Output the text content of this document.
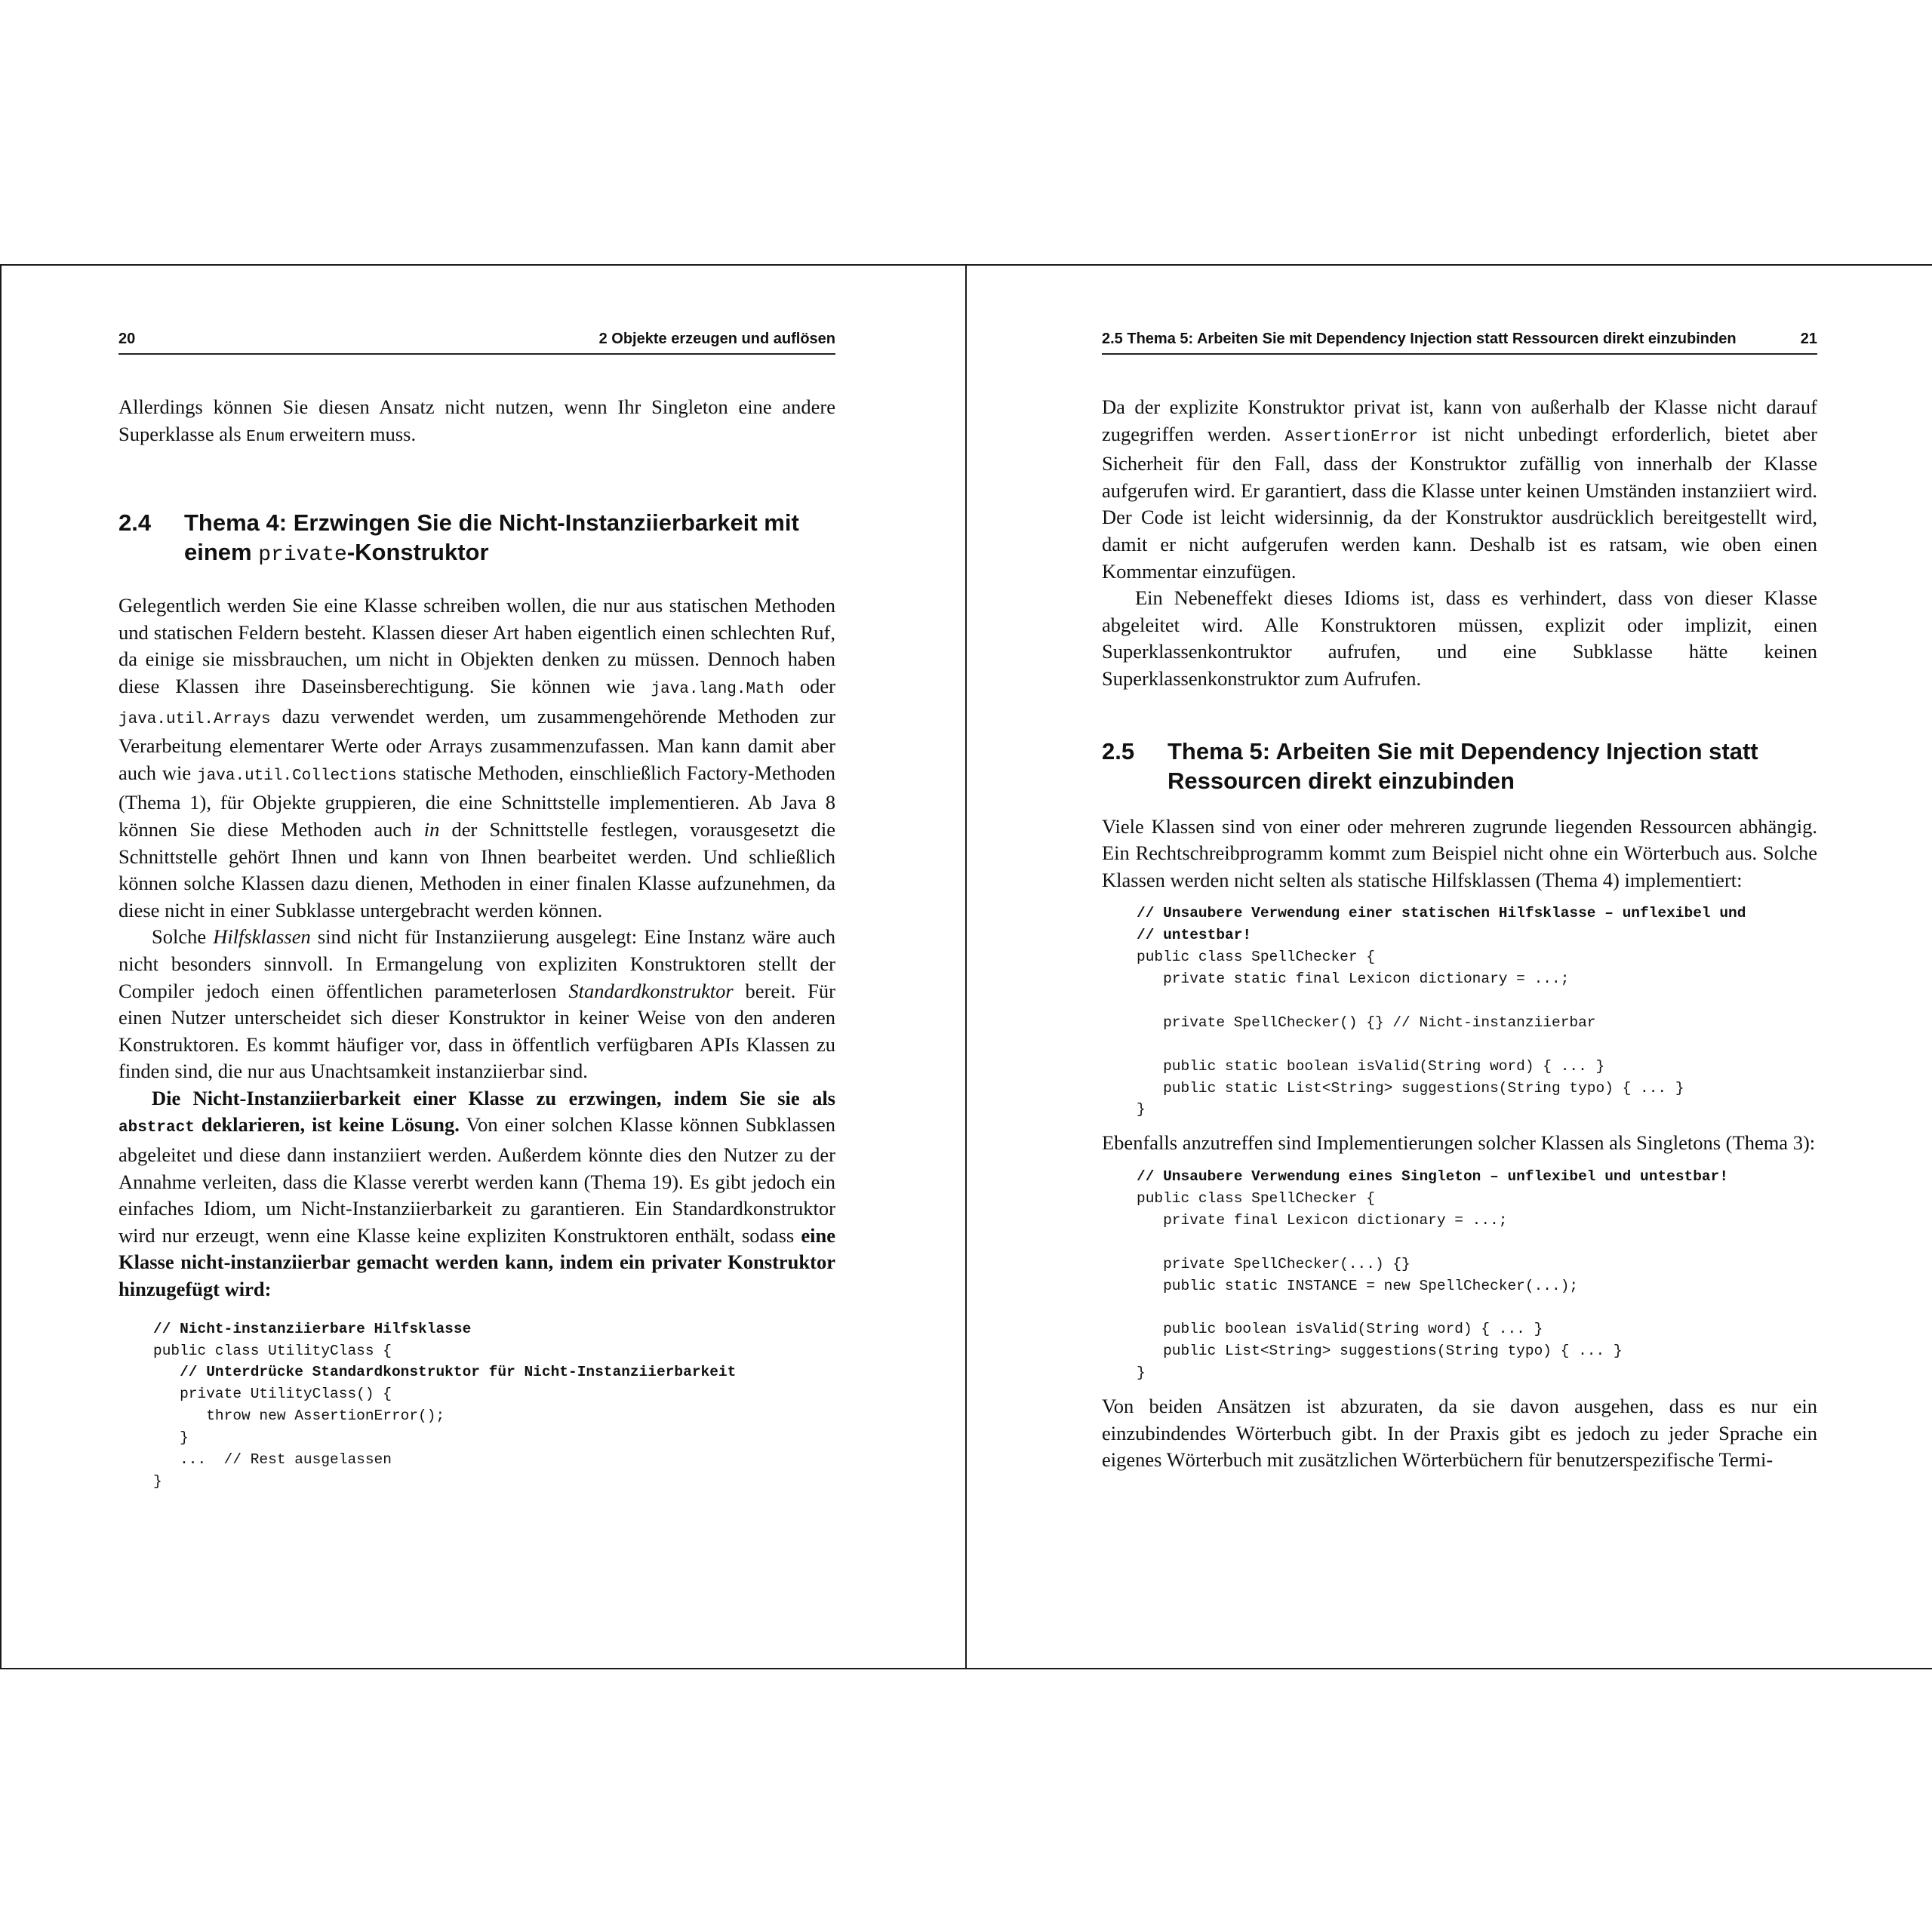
20	2 Objekte erzeugen und auflösen

Allerdings können Sie diesen Ansatz nicht nutzen, wenn Ihr Singleton eine andere Superklasse als Enum erweitern muss.

2.4 Thema 4: Erzwingen Sie die Nicht-Instanziierbarkeit mit
einem private-Konstruktor

Gelegentlich werden Sie eine Klasse schreiben wollen, die nur aus statischen Methoden und statischen Feldern besteht. Klassen dieser Art haben eigentlich einen schlechten Ruf, da einige sie missbrauchen, um nicht in Objekten denken zu müssen. Dennoch haben diese Klassen ihre Daseinsberechtigung. Sie können wie java.lang.Math oder java.util.Arrays dazu verwendet werden, um zusammengehörende Methoden zur Verarbeitung elementarer Werte oder Arrays zusammenzufassen. Man kann damit aber auch wie java.util.Collections statische Methoden, einschließlich Factory-Methoden (Thema 1), für Objekte gruppieren, die eine Schnittstelle implementieren. Ab Java 8 können Sie diese Methoden auch in der Schnittstelle festlegen, vorausgesetzt die Schnittstelle gehört Ihnen und kann von Ihnen bearbeitet werden. Und schließlich können solche Klassen dazu dienen, Methoden in einer finalen Klasse aufzunehmen, da diese nicht in einer Subklasse untergebracht werden können.

Solche Hilfsklassen sind nicht für Instanziierung ausgelegt: Eine Instanz wäre auch nicht besonders sinnvoll. In Ermangelung von expliziten Konstruktoren stellt der Compiler jedoch einen öffentlichen parameterlosen Standardkonstruktor bereit. Für einen Nutzer unterscheidet sich dieser Konstruktor in keiner Weise von den anderen Konstruktoren. Es kommt häufiger vor, dass in öffentlich verfügbaren APIs Klassen zu finden sind, die nur aus Unachtsamkeit instanziierbar sind.

Die Nicht-Instanziierbarkeit einer Klasse zu erzwingen, indem Sie sie als abstract deklarieren, ist keine Lösung. Von einer solchen Klasse können Subklassen abgeleitet und diese dann instanziiert werden. Außerdem könnte dies den Nutzer zu der Annahme verleiten, dass die Klasse vererbt werden kann (Thema 19). Es gibt jedoch ein einfaches Idiom, um Nicht-Instanziierbarkeit zu garantieren. Ein Standardkonstruktor wird nur erzeugt, wenn eine Klasse keine expliziten Konstruktoren enthält, sodass eine Klasse nicht-instanziierbar gemacht werden kann, indem ein privater Konstruktor hinzugefügt wird:

// Nicht-instanziierbare Hilfsklasse
public class UtilityClass {
// Unterdrücke Standardkonstruktor für Nicht-Instanziierbarkeit
private UtilityClass() {
throw new AssertionError();
}
...  // Rest ausgelassen
}
2.5 Thema 5: Arbeiten Sie mit Dependency Injection statt Ressourcen direkt einzubinden	21

Da der explizite Konstruktor privat ist, kann von außerhalb der Klasse nicht darauf zugegriffen werden. AssertionError ist nicht unbedingt erforderlich, bietet aber Sicherheit für den Fall, dass der Konstruktor zufällig von innerhalb der Klasse aufgerufen wird. Er garantiert, dass die Klasse unter keinen Umständen instanziiert wird. Der Code ist leicht widersinnig, da der Konstruktor ausdrücklich bereitgestellt wird, damit er nicht aufgerufen werden kann. Deshalb ist es ratsam, wie oben einen Kommentar einzufügen.

Ein Nebeneffekt dieses Idioms ist, dass es verhindert, dass von dieser Klasse abgeleitet wird. Alle Konstruktoren müssen, explizit oder implizit, einen Superklassenkontruktor aufrufen, und eine Subklasse hätte keinen Superklassenkonstruktor zum Aufrufen.

2.5 Thema 5: Arbeiten Sie mit Dependency Injection statt
Ressourcen direkt einzubinden

Viele Klassen sind von einer oder mehreren zugrunde liegenden Ressourcen abhängig. Ein Rechtschreibprogramm kommt zum Beispiel nicht ohne ein Wörterbuch aus. Solche Klassen werden nicht selten als statische Hilfsklassen (Thema 4) implementiert:

// Unsaubere Verwendung einer statischen Hilfsklasse – unflexibel und
// untestbar!
public class SpellChecker {
private static final Lexicon dictionary = ...;

private SpellChecker() {} // Nicht-instanziierbar

public static boolean isValid(String word) { ... }
public static List<String> suggestions(String typo) { ... }
}

Ebenfalls anzutreffen sind Implementierungen solcher Klassen als Singletons (Thema 3):

// Unsaubere Verwendung eines Singleton – unflexibel und untestbar!
public class SpellChecker {
private final Lexicon dictionary = ...;

private SpellChecker(...) {}
public static INSTANCE = new SpellChecker(...);

public boolean isValid(String word) { ... }
public List<String> suggestions(String typo) { ... }
}

Von beiden Ansätzen ist abzuraten, da sie davon ausgehen, dass es nur ein einzubindendes Wörterbuch gibt. In der Praxis gibt es jedoch zu jeder Sprache ein eigenes Wörterbuch mit zusätzlichen Wörterbüchern für benutzerspezifische Termi-
